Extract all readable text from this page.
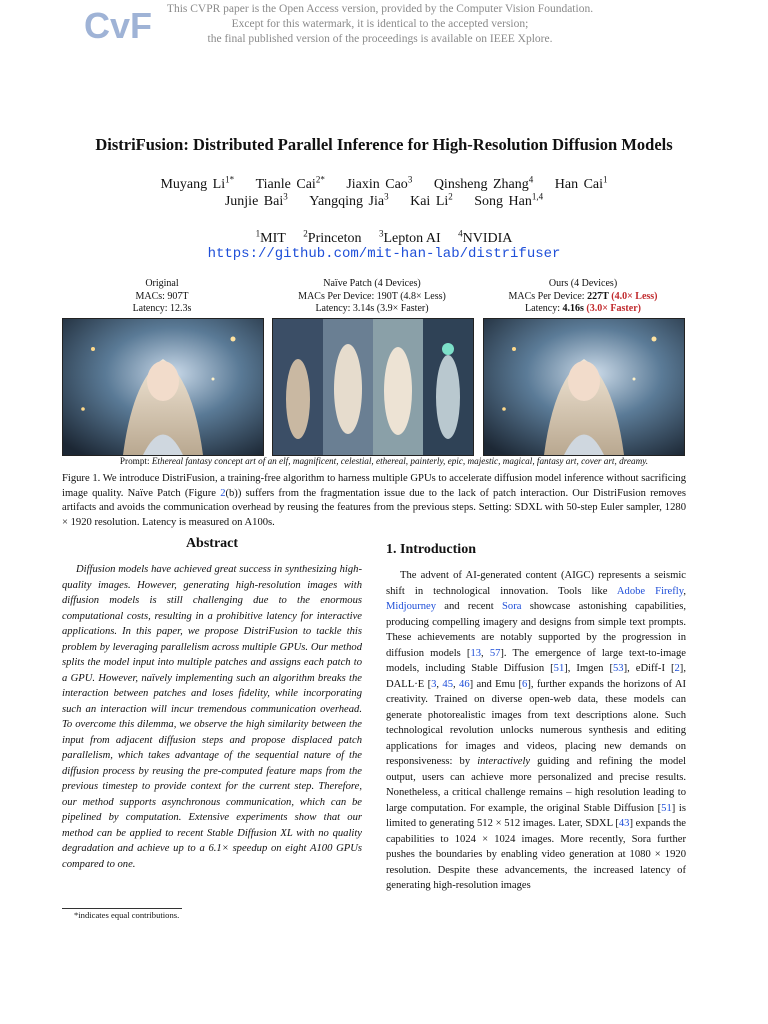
CvF	This CVPR paper is the Open Access version, provided by the Computer Vision Foundation.
Except for this watermark, it is identical to the accepted version;
the final published version of the proceedings is available on IEEE Xplore.
DistriFusion: Distributed Parallel Inference for High-Resolution Diffusion Models
Muyang $Li^{1*}$ Tianle Cai$^{2*}$ Jiaxin Cao$^3$ Qinsheng Zhang$^4$ Han Cai$^1$
Junjie Bai$^3$ Yangqing Jia$^3$ Kai Li$^2$ Song Han$^{1,4}$
$^1$MIT $^2$Princeton $^3$Lepton AI $^4$NVIDIA
https://github.com/mit-han-lab/distrifuser
Original
MACs: 907T
Latency: 12.3s
Naïve Patch (4 Devices)
MACs Per Device: 190T (4.8× Less)
Latency: 3.14s (3.9× Faster)
Ours (4 Devices)
MACs Per Device: 227T (4.0× Less)
Latency: 4.16s (3.0× Faster)
Prompt: Ethereal fantasy concept art of an elf, magnificent, celestial, ethereal, painterly, epic, majestic, magical, fantasy art, cover art, dreamy.
Figure 1. We introduce DistriFusion, a training-free algorithm to harness multiple GPUs to accelerate diffusion model inference without sacrificing image quality. Naïve Patch (Figure 2(b)) suffers from the fragmentation issue due to the lack of patch interaction. Our DistriFusion removes artifacts and avoids the communication overhead by reusing the features from the previous steps. Setting: SDXL with 50-step Euler sampler, 1280 × 1920 resolution. Latency is measured on A100s.
Abstract
Diffusion models have achieved great success in synthesizing high-quality images. However, generating high-resolution images with diffusion models is still challenging due to the enormous computational costs, resulting in a prohibitive latency for interactive applications. In this paper, we propose DistriFusion to tackle this problem by leveraging parallelism across multiple GPUs. Our method splits the model input into multiple patches and assigns each patch to a GPU. However, naïvely implementing such an algorithm breaks the interaction between patches and loses fidelity, while incorporating such an interaction will incur tremendous communication overhead. To overcome this dilemma, we observe the high similarity between the input from adjacent diffusion steps and propose displaced patch parallelism, which takes advantage of the sequential nature of the diffusion process by reusing the pre-computed feature maps from the previous timestep to provide context for the current step. Therefore, our method supports asynchronous communication, which can be pipelined by computation. Extensive experiments show that our method can be applied to recent Stable Diffusion XL with no quality degradation and achieve up to a 6.1× speedup on eight A100 GPUs compared to one.
*indicates equal contributions.
1. Introduction
The advent of AI-generated content (AIGC) represents a seismic shift in technological innovation. Tools like Adobe Firefly, Midjourney and recent Sora showcase astonishing capabilities, producing compelling imagery and designs from simple text prompts. These achievements are notably supported by the progression in diffusion models [13, 57]. The emergence of large text-to-image models, including Stable Diffusion [51], Imgen [53], eDiff-I [2], DALL·E [3, 45, 46] and Emu [6], further expands the horizons of AI creativity. Trained on diverse open-web data, these models can generate photorealistic images from text descriptions alone. Such technological revolution unlocks numerous synthesis and editing applications for images and videos, placing new demands on responsiveness: by interactively guiding and refining the model output, users can achieve more personalized and precise results. Nonetheless, a critical challenge remains – high resolution leading to large computation. For example, the original Stable Diffusion [51] is limited to generating 512 × 512 images. Later, SDXL [43] expands the capabilities to 1024 × 1024 images. More recently, Sora further pushes the boundaries by enabling video generation at 1080 × 1920 resolution. Despite these advancements, the increased latency of generating high-resolution images
